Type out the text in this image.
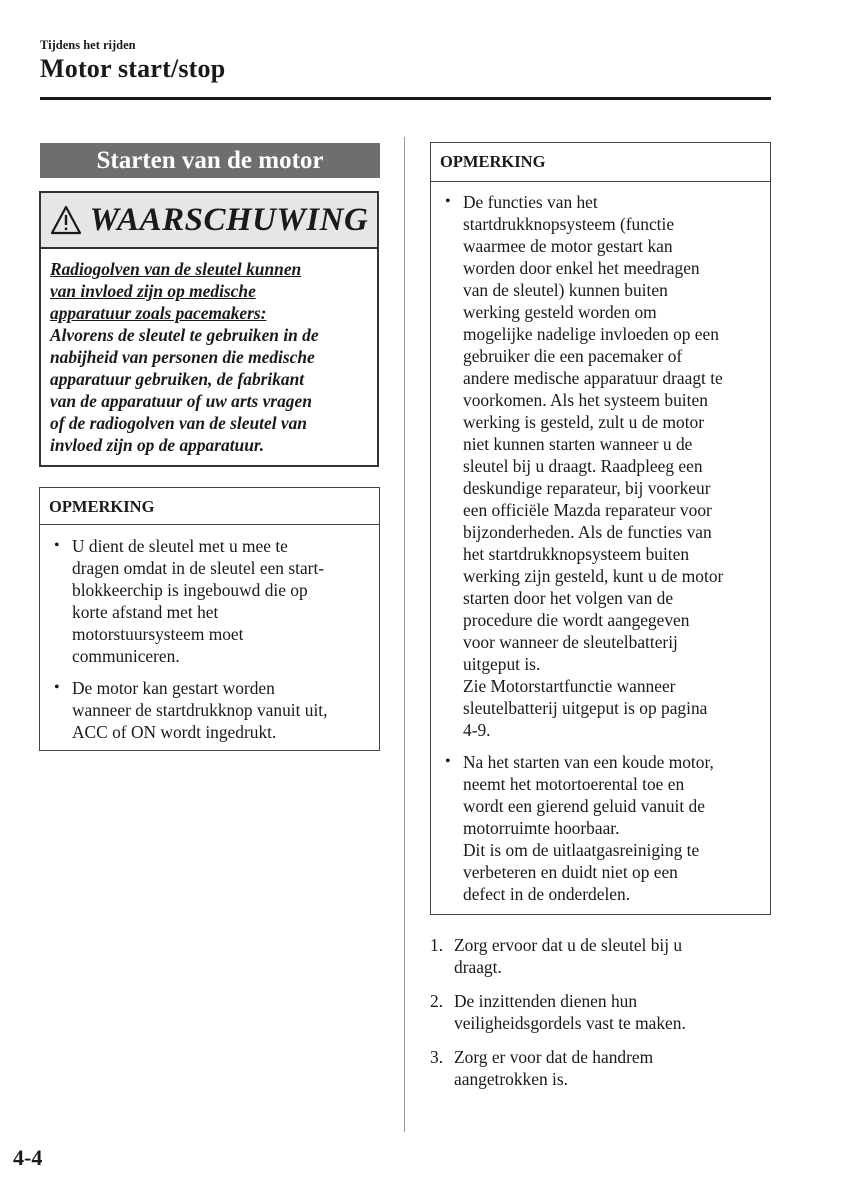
Tijdens het rijden
Motor start/stop
Starten van de motor
WAARSCHUWING
Radiogolven van de sleutel kunnen
van invloed zijn op medische
apparatuur zoals pacemakers:
Alvorens de sleutel te gebruiken in de
nabijheid van personen die medische
apparatuur gebruiken, de fabrikant
van de apparatuur of uw arts vragen
of de radiogolven van de sleutel van
invloed zijn op de apparatuur.
OPMERKING
• U dient de sleutel met u mee te
dragen omdat in de sleutel een start-
blokkeerchip is ingebouwd die op
korte afstand met het
motorstuursysteem moet
communiceren.
• De motor kan gestart worden
wanneer de startdrukknop vanuit uit,
ACC of ON wordt ingedrukt.
OPMERKING
• De functies van het
startdrukknopsysteem (functie
waarmee de motor gestart kan
worden door enkel het meedragen
van de sleutel) kunnen buiten
werking gesteld worden om
mogelijke nadelige invloeden op een
gebruiker die een pacemaker of
andere medische apparatuur draagt te
voorkomen. Als het systeem buiten
werking is gesteld, zult u de motor
niet kunnen starten wanneer u de
sleutel bij u draagt. Raadpleeg een
deskundige reparateur, bij voorkeur
een officiële Mazda reparateur voor
bijzonderheden. Als de functies van
het startdrukknopsysteem buiten
werking zijn gesteld, kunt u de motor
starten door het volgen van de
procedure die wordt aangegeven
voor wanneer de sleutelbatterij
uitgeput is.
Zie Motorstartfunctie wanneer
sleutelbatterij uitgeput is op pagina
4-9.
• Na het starten van een koude motor,
neemt het motortoerental toe en
wordt een gierend geluid vanuit de
motorruimte hoorbaar.
Dit is om de uitlaatgasreiniging te
verbeteren en duidt niet op een
defect in de onderdelen.
1. Zorg ervoor dat u de sleutel bij u
draagt.
2. De inzittenden dienen hun
veiligheidsgordels vast te maken.
3. Zorg er voor dat de handrem
aangetrokken is.
4-4
